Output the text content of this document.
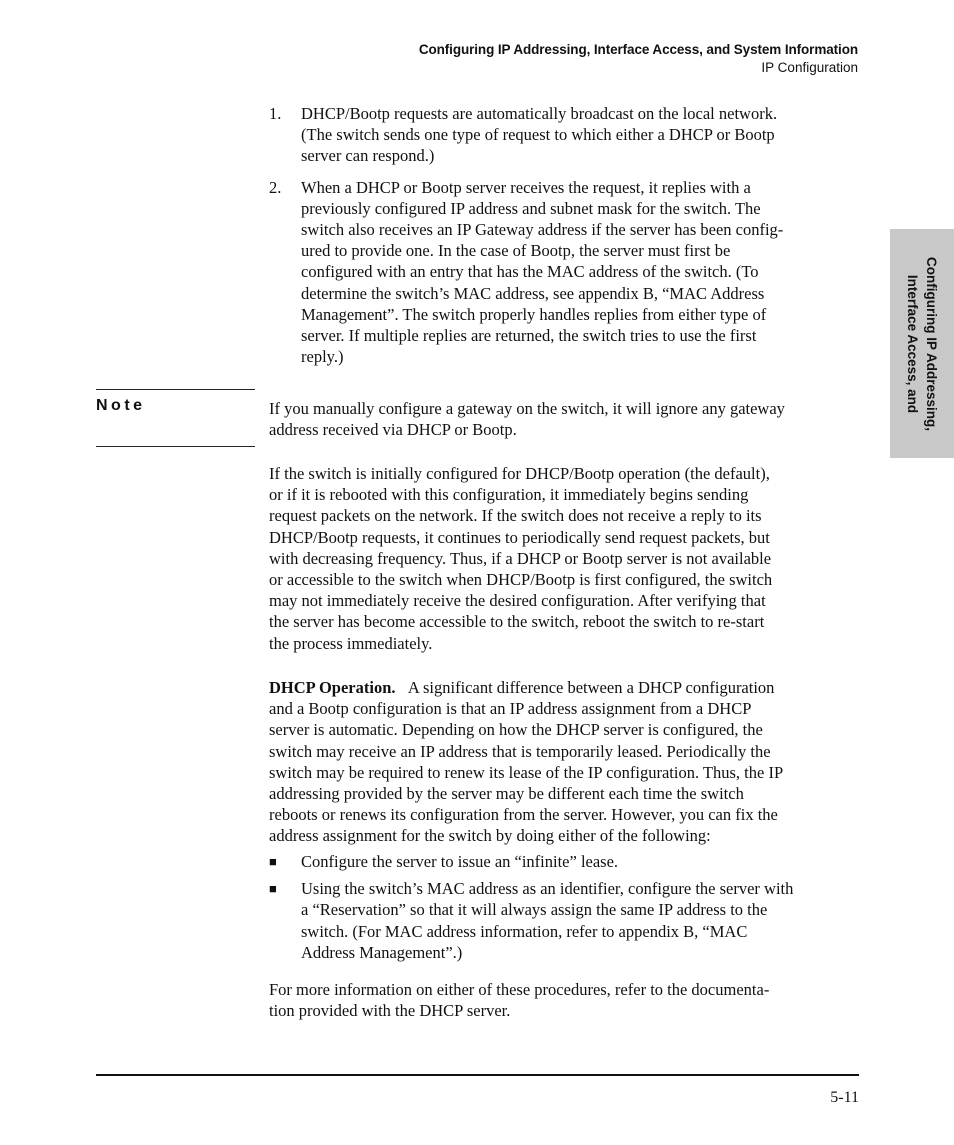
Configuring IP Addressing, Interface Access, and System Information
IP Configuration
Configuring IP Addressing,
Interface Access, and
1. DHCP/Bootp requests are automatically broadcast on the local network.
(The switch sends one type of request to which either a DHCP or Bootp
server can respond.)
2. When a DHCP or Bootp server receives the request, it replies with a
previously configured IP address and subnet mask for the switch. The
switch also receives an IP Gateway address if the server has been config-
ured to provide one. In the case of Bootp, the server must first be
configured with an entry that has the MAC address of the switch. (To
determine the switch’s MAC address, see appendix B, “MAC Address
Management”. The switch properly handles replies from either type of
server. If multiple replies are returned, the switch tries to use the first
reply.)
Note	If you manually configure a gateway on the switch, it will ignore any gateway
address received via DHCP or Bootp.
If the switch is initially configured for DHCP/Bootp operation (the default),
or if it is rebooted with this configuration, it immediately begins sending
request packets on the network. If the switch does not receive a reply to its
DHCP/Bootp requests, it continues to periodically send request packets, but
with decreasing frequency. Thus, if a DHCP or Bootp server is not available
or accessible to the switch when DHCP/Bootp is first configured, the switch
may not immediately receive the desired configuration. After verifying that
the server has become accessible to the switch, reboot the switch to re-start
the process immediately.
DHCP Operation. A significant difference between a DHCP configuration
and a Bootp configuration is that an IP address assignment from a DHCP
server is automatic. Depending on how the DHCP server is configured, the
switch may receive an IP address that is temporarily leased. Periodically the
switch may be required to renew its lease of the IP configuration. Thus, the IP
addressing provided by the server may be different each time the switch
reboots or renews its configuration from the server. However, you can fix the
address assignment for the switch by doing either of the following:
■ Configure the server to issue an “infinite” lease.
■ Using the switch’s MAC address as an identifier, configure the server with
a “Reservation” so that it will always assign the same IP address to the
switch. (For MAC address information, refer to appendix B, “MAC
Address Management”.)
For more information on either of these procedures, refer to the documenta-
tion provided with the DHCP server.
5-11
